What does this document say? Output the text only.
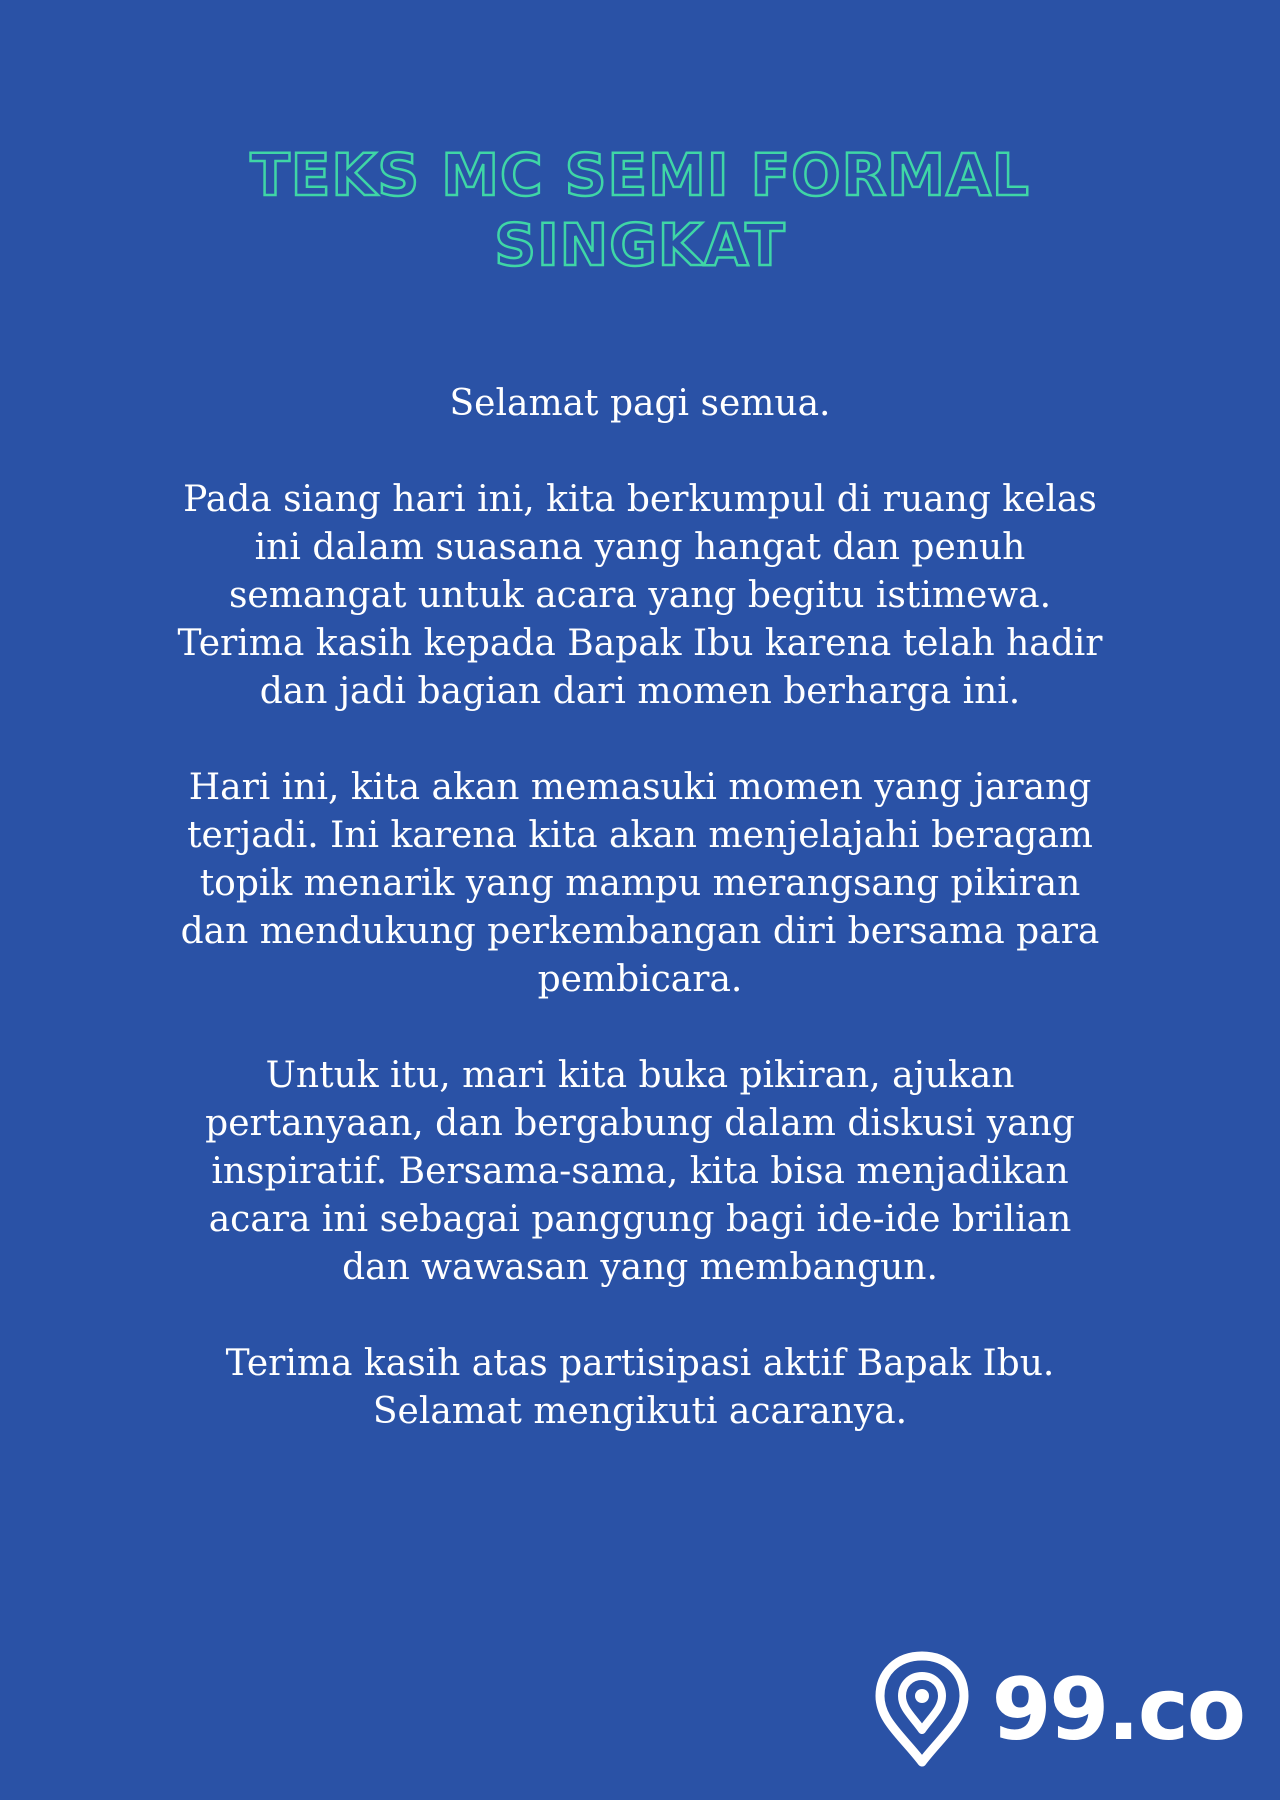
TEKS MC SEMI FORMAL
SINGKAT

Selamat pagi semua.

Pada siang hari ini, kita berkumpul di ruang kelas
ini dalam suasana yang hangat dan penuh
semangat untuk acara yang begitu istimewa.
Terima kasih kepada Bapak Ibu karena telah hadir
dan jadi bagian dari momen berharga ini.

Hari ini, kita akan memasuki momen yang jarang
terjadi. Ini karena kita akan menjelajahi beragam
topik menarik yang mampu merangsang pikiran
dan mendukung perkembangan diri bersama para
pembicara.

Untuk itu, mari kita buka pikiran, ajukan
pertanyaan, dan bergabung dalam diskusi yang
inspiratif. Bersama-sama, kita bisa menjadikan
acara ini sebagai panggung bagi ide-ide brilian
dan wawasan yang membangun.

Terima kasih atas partisipasi aktif Bapak Ibu.
Selamat mengikuti acaranya.

99.co
